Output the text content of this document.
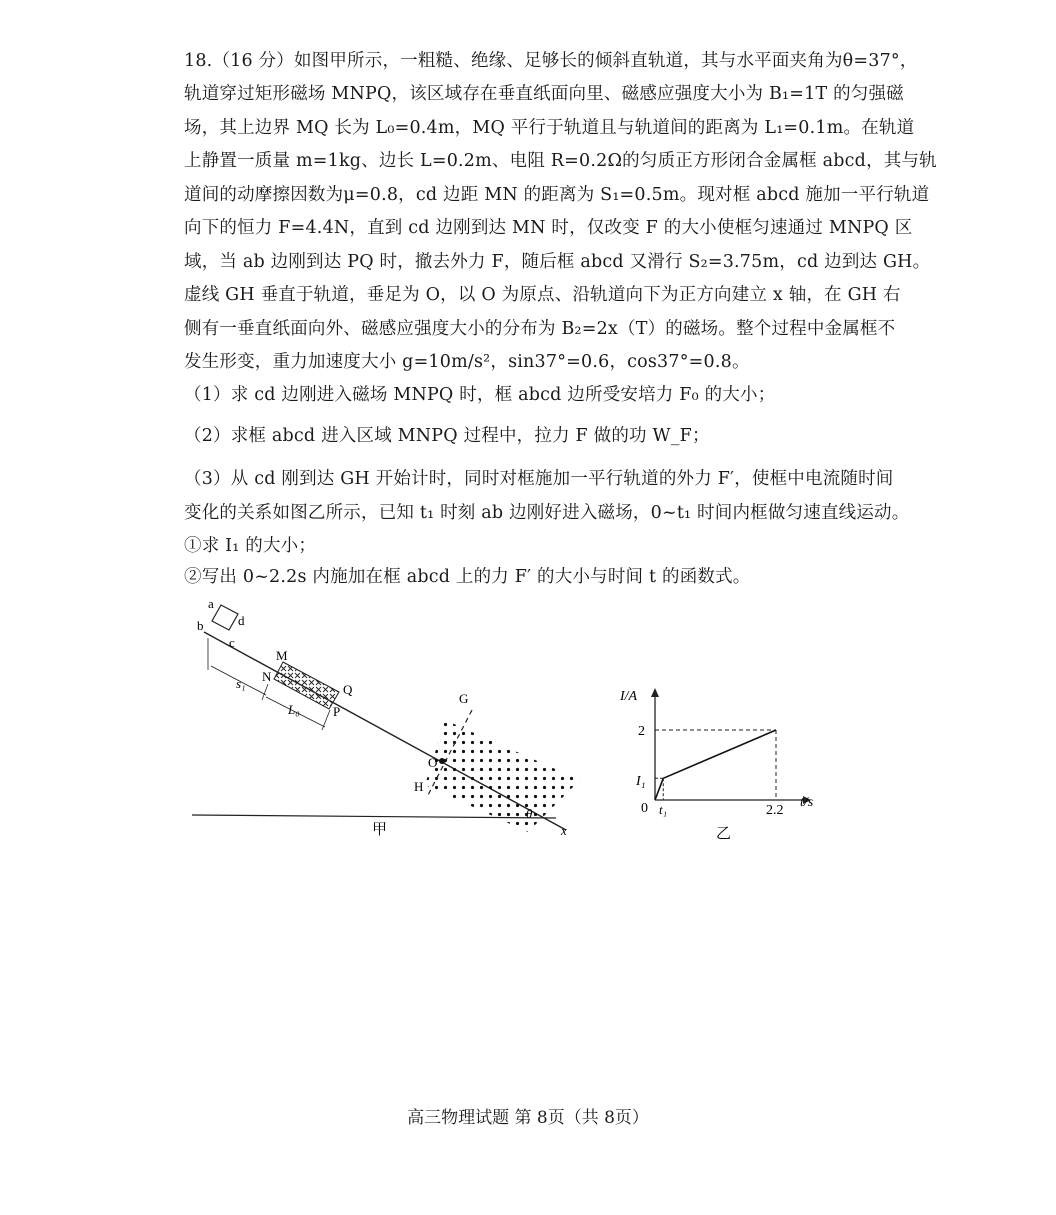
18.（16 分）如图甲所示，一粗糙、绝缘、足够长的倾斜直轨道，其与水平面夹角为θ=37°，
轨道穿过矩形磁场 MNPQ，该区域存在垂直纸面向里、磁感应强度大小为 B₁=1T 的匀强磁
场，其上边界 MQ 长为 L₀=0.4m，MQ 平行于轨道且与轨道间的距离为 L₁=0.1m。在轨道
上静置一质量 m=1kg、边长 L=0.2m、电阻 R=0.2Ω的匀质正方形闭合金属框 abcd，其与轨
道间的动摩擦因数为μ=0.8，cd 边距 MN 的距离为 S₁=0.5m。现对框 abcd 施加一平行轨道
向下的恒力 F=4.4N，直到 cd 边刚到达 MN 时，仅改变 F 的大小使框匀速通过 MNPQ 区
域，当 ab 边刚到达 PQ 时，撤去外力 F，随后框 abcd 又滑行 S₂=3.75m，cd 边到达 GH。
虚线 GH 垂直于轨道，垂足为 O，以 O 为原点、沿轨道向下为正方向建立 x 轴，在 GH 右
侧有一垂直纸面向外、磁感应强度大小的分布为 B₂=2x（T）的磁场。整个过程中金属框不
发生形变，重力加速度大小 g=10m/s²，sin37°=0.6，cos37°=0.8。
（1）求 cd 边刚进入磁场 MNPQ 时，框 abcd 边所受安培力 F₀ 的大小；
（2）求框 abcd 进入区域 MNPQ 过程中，拉力 F 做的功 W_F；
（3）从 cd 刚到达 GH 开始计时，同时对框施加一平行轨道的外力 F′，使框中电流随时间
变化的关系如图乙所示，已知 t₁ 时刻 ab 边刚好进入磁场，0~t₁ 时间内框做匀速直线运动。
①求 I₁ 的大小；
②写出 0~2.2s 内施加在框 abcd 上的力 F′ 的大小与时间 t 的函数式。
a
b
c
d
M
N
Q
P
s₁
L₀
G
H
O
θ
x
甲
I/A
t/s
0
2
I₁
t₁	2.2
乙
高三物理试题 第 8页（共 8页）
